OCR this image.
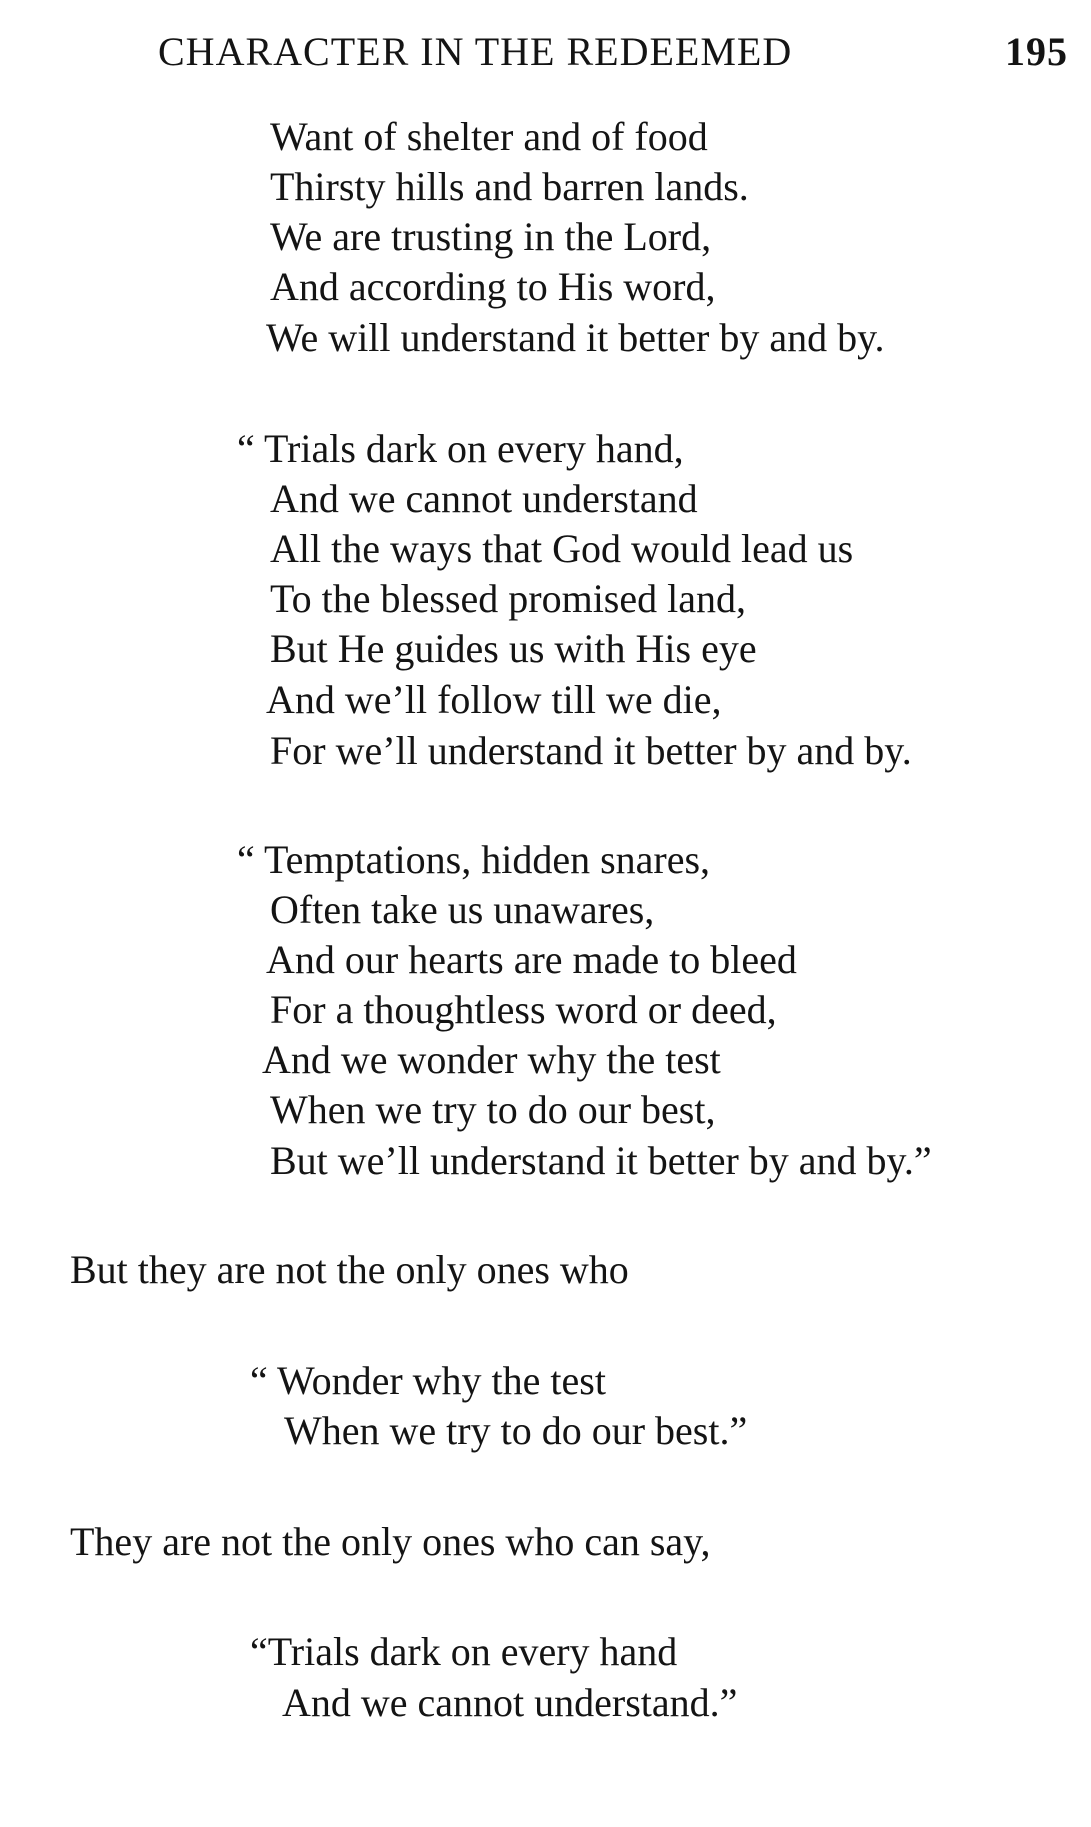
CHARACTER IN THE REDEEMED	195
Want of shelter and of food
Thirsty hills and barren lands.
We are trusting in the Lord,
And according to His word,
We will understand it better by and by.
“ Trials dark on every hand,
And we cannot understand
All the ways that God would lead us
To the blessed promised land,
But He guides us with His eye
And we’ll follow till we die,
For we’ll understand it better by and by.
“ Temptations, hidden snares,
Often take us unawares,
And our hearts are made to bleed
For a thoughtless word or deed,
And we wonder why the test
When we try to do our best,
But we’ll understand it better by and by.”
But they are not the only ones who
“ Wonder why the test
When we try to do our best.”
They are not the only ones who can say,
“Trials dark on every hand
And we cannot understand.”
